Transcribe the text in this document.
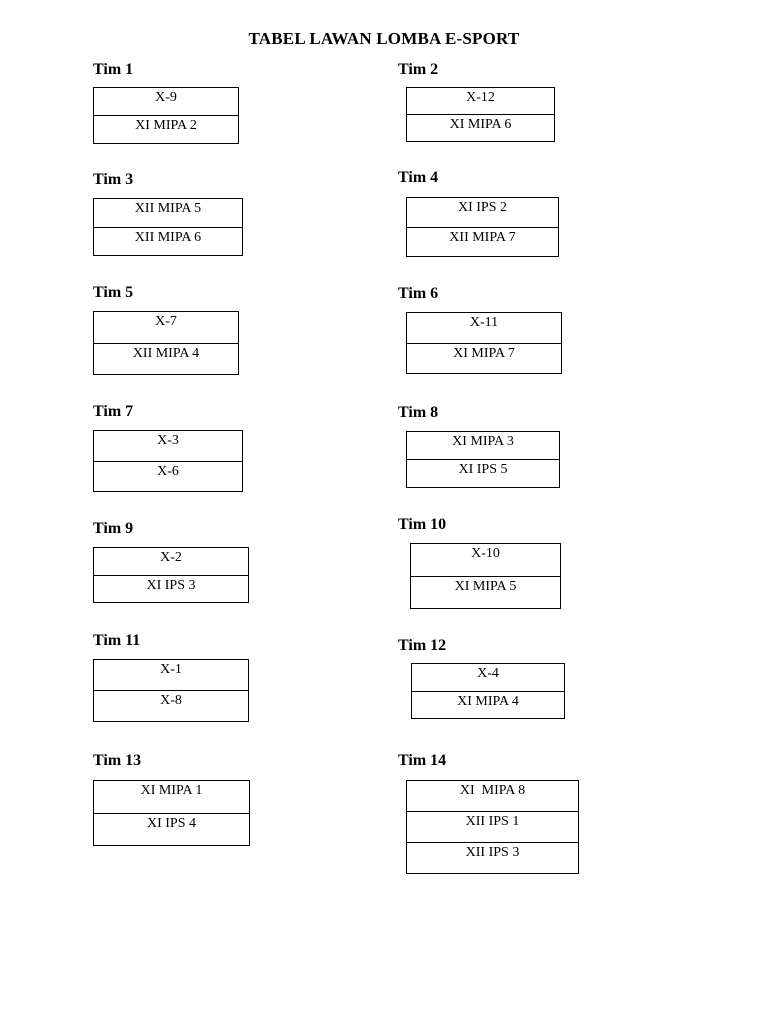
TABEL LAWAN LOMBA E-SPORT
Tim 1
X-9
XI MIPA 2
Tim 2
X-12
XI MIPA 6
Tim 3
XII MIPA 5
XII MIPA 6
Tim 4
XI IPS 2
XII MIPA 7
Tim 5
X-7
XII MIPA 4
Tim 6
X-11
XI MIPA 7
Tim 7
X-3
X-6
Tim 8
XI MIPA 3
XI IPS 5
Tim 9
X-2
XI IPS 3
Tim 10
X-10
XI MIPA 5
Tim 11
X-1
X-8
Tim 12
X-4
XI MIPA 4
Tim 13
XI MIPA 1
XI IPS 4
Tim 14
XI  MIPA 8
XII IPS 1
XII IPS 3
